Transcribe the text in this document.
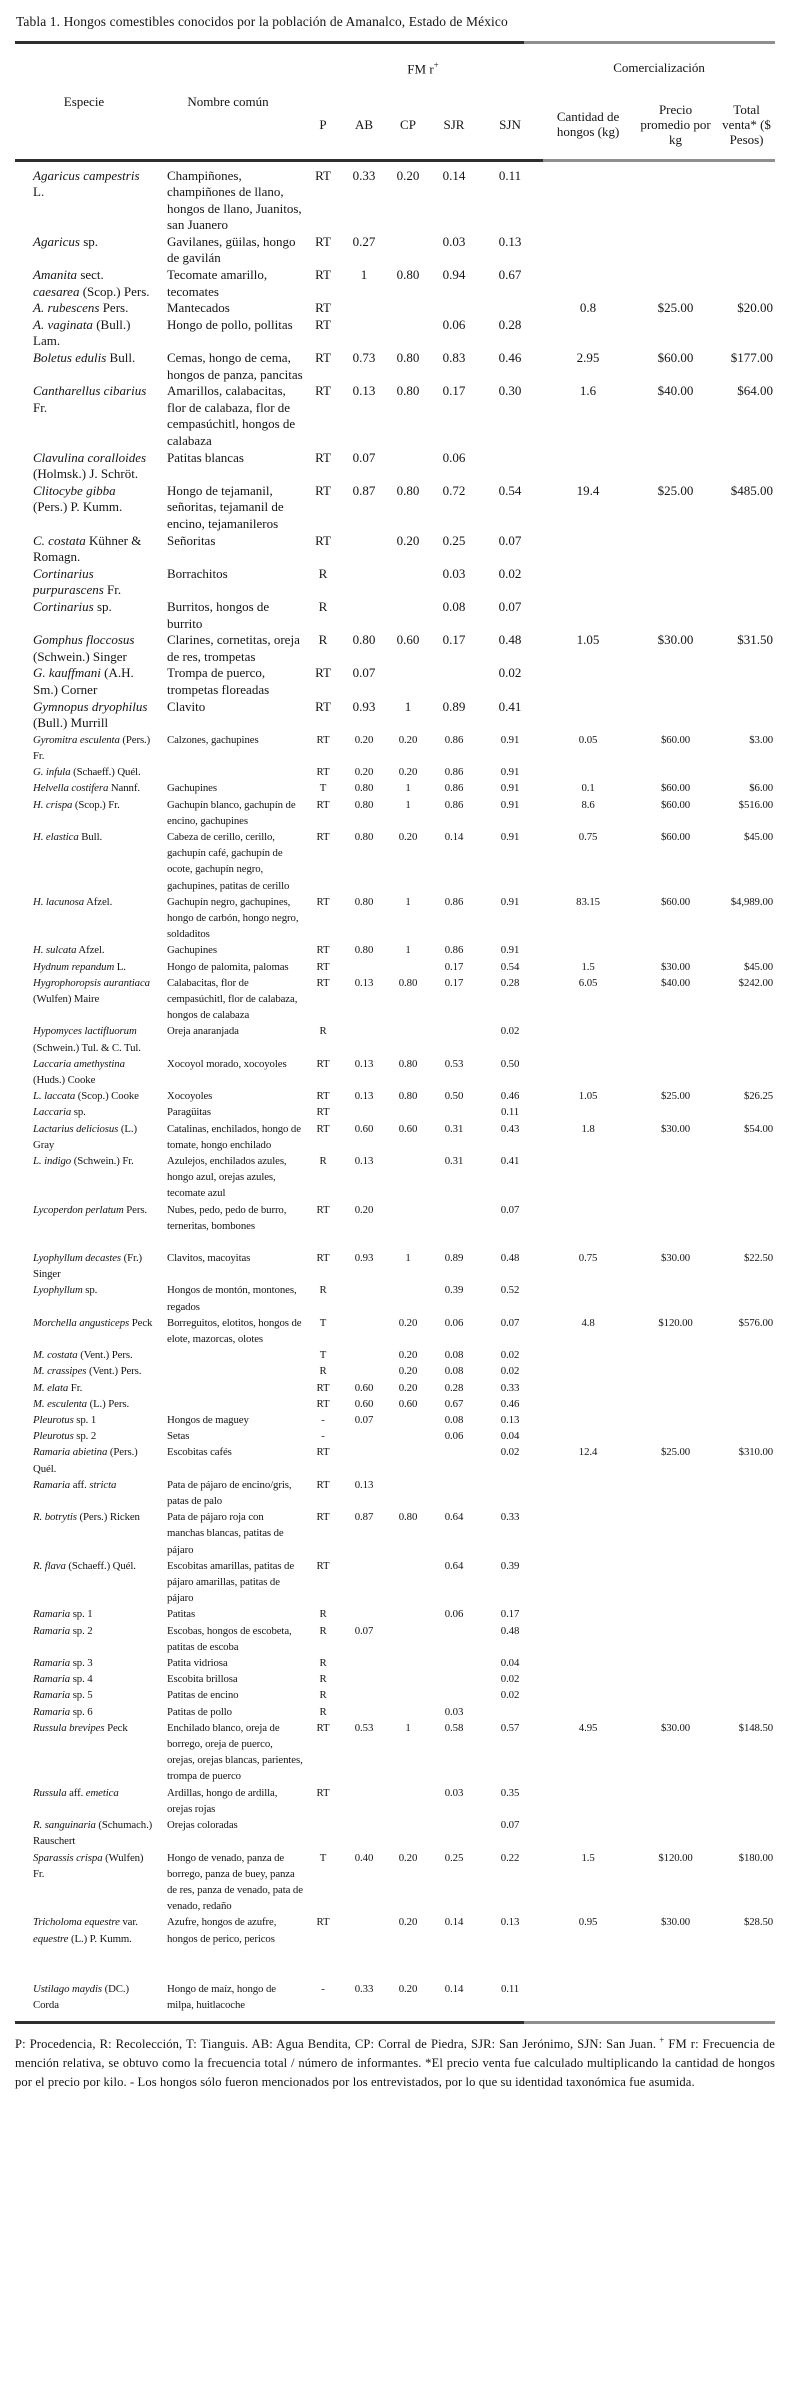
Tabla 1. Hongos comestibles conocidos por la población de Amanalco, Estado de México
Especie	Nombre común	FM r+					Comercialización		
		P	AB	CP	SJR	SJN	Cantidad de hongos (kg)	Precio promedio por kg	Total venta* ($ Pesos)
Agaricus campestris L.	Champiñones, champiñones de llano, hongos de llano, Juanitos, san Juanero	RT	0.33	0.20	0.14	0.11			
Agaricus sp.	Gavilanes, güilas, hongo de gavilán	RT	0.27		0.03	0.13			
Amanita sect. caesarea (Scop.) Pers.	Tecomate amarillo, tecomates	RT	1	0.80	0.94	0.67			
A. rubescens Pers.	Mantecados	RT					0.8	$25.00	$20.00
A. vaginata (Bull.) Lam.	Hongo de pollo, pollitas	RT			0.06	0.28			
Boletus edulis Bull.	Cemas, hongo de cema, hongos de panza, pancitas	RT	0.73	0.80	0.83	0.46	2.95	$60.00	$177.00
Cantharellus cibarius Fr.	Amarillos, calabacitas, flor de calabaza, flor de cempasúchitl, hongos de calabaza	RT	0.13	0.80	0.17	0.30	1.6	$40.00	$64.00
Clavulina coralloides (Holmsk.) J. Schröt.	Patitas blancas	RT	0.07		0.06				
Clitocybe gibba (Pers.) P. Kumm.	Hongo de tejamanil, señoritas, tejamanil de encino, tejamanileros	RT	0.87	0.80	0.72	0.54	19.4	$25.00	$485.00
C. costata Kühner & Romagn.	Señoritas	RT		0.20	0.25	0.07			
Cortinarius purpurascens Fr.	Borrachitos	R			0.03	0.02			
Cortinarius sp.	Burritos, hongos de burrito	R			0.08	0.07			
Gomphus floccosus (Schwein.) Singer	Clarines, cornetitas, oreja de res, trompetas	R	0.80	0.60	0.17	0.48	1.05	$30.00	$31.50
G. kauffmani (A.H. Sm.) Corner	Trompa de puerco, trompetas floreadas	RT	0.07			0.02			
Gymnopus dryophilus (Bull.) Murrill	Clavito	RT	0.93	1	0.89	0.41			
Gyromitra esculenta (Pers.) Fr.	Calzones, gachupines	RT	0.20	0.20	0.86	0.91	0.05	$60.00	$3.00
G. infula (Schaeff.) Quél.		RT	0.20	0.20	0.86	0.91			
Helvella costifera Nannf.	Gachupines	T	0.80	1	0.86	0.91	0.1	$60.00	$6.00
H. crispa (Scop.) Fr.	Gachupín blanco, gachupín de encino, gachupines	RT	0.80	1	0.86	0.91	8.6	$60.00	$516.00
H. elastica Bull.	Cabeza de cerillo, cerillo, gachupín café, gachupín de ocote, gachupín negro, gachupines, patitas de cerillo	RT	0.80	0.20	0.14	0.91	0.75	$60.00	$45.00
H. lacunosa Afzel.	Gachupín negro, gachupines, hongo de carbón, hongo negro, soldaditos	RT	0.80	1	0.86	0.91	83.15	$60.00	$4,989.00
H. sulcata Afzel.	Gachupines	RT	0.80	1	0.86	0.91			
Hydnum repandum L.	Hongo de palomita, palomas	RT			0.17	0.54	1.5	$30.00	$45.00
Hygrophoropsis aurantiaca (Wulfen) Maire	Calabacitas, flor de cempasúchitl, flor de calabaza, hongos de calabaza	RT	0.13	0.80	0.17	0.28	6.05	$40.00	$242.00
Hypomyces lactifluorum (Schwein.) Tul. & C. Tul.	Oreja anaranjada	R				0.02			
Laccaria amethystina (Huds.) Cooke	Xocoyol morado, xocoyoles	RT	0.13	0.80	0.53	0.50			
L. laccata (Scop.) Cooke	Xocoyoles	RT	0.13	0.80	0.50	0.46	1.05	$25.00	$26.25
Laccaria sp.	Paragüitas	RT				0.11			
Lactarius deliciosus (L.) Gray	Catalinas, enchilados, hongo de tomate, hongo enchilado	RT	0.60	0.60	0.31	0.43	1.8	$30.00	$54.00
L. indigo (Schwein.) Fr.	Azulejos, enchilados azules, hongo azul, orejas azules, tecomate azul	R	0.13		0.31	0.41			
Lycoperdon perlatum Pers.	Nubes, pedo, pedo de burro, terneritas, bombones	RT	0.20			0.07			
Lyophyllum decastes (Fr.) Singer	Clavitos, macoyitas	RT	0.93	1	0.89	0.48	0.75	$30.00	$22.50
Lyophyllum sp.	Hongos de montón, montones, regados	R			0.39	0.52			
Morchella angusticeps Peck	Borreguitos, elotitos, hongos de elote, mazorcas, olotes	T		0.20	0.06	0.07	4.8	$120.00	$576.00
M. costata (Vent.) Pers.		T		0.20	0.08	0.02			
M. crassipes (Vent.) Pers.		R		0.20	0.08	0.02			
M. elata Fr.		RT	0.60	0.20	0.28	0.33			
M. esculenta (L.) Pers.		RT	0.60	0.60	0.67	0.46			
Pleurotus sp. 1	Hongos de maguey	-	0.07		0.08	0.13			
Pleurotus sp. 2	Setas	-			0.06	0.04			
Ramaria abietina (Pers.) Quél.	Escobitas cafés	RT				0.02	12.4	$25.00	$310.00
Ramaria aff. stricta	Pata de pájaro de encino/gris, patas de palo	RT	0.13						
R. botrytis (Pers.) Ricken	Pata de pájaro roja con manchas blancas, patitas de pájaro	RT	0.87	0.80	0.64	0.33			
R. flava (Schaeff.) Quél.	Escobitas amarillas, patitas de pájaro amarillas, patitas de pájaro	RT			0.64	0.39			
Ramaria sp. 1	Patitas	R			0.06	0.17			
Ramaria sp. 2	Escobas, hongos de escobeta, patitas de escoba	R	0.07			0.48			
Ramaria sp. 3	Patita vidriosa	R				0.04			
Ramaria sp. 4	Escobita brillosa	R				0.02			
Ramaria sp. 5	Patitas de encino	R				0.02			
Ramaria sp. 6	Patitas de pollo	R			0.03				
Russula brevipes Peck	Enchilado blanco, oreja de borrego, oreja de puerco, orejas, orejas blancas, parientes, trompa de puerco	RT	0.53	1	0.58	0.57	4.95	$30.00	$148.50
Russula aff. emetica	Ardillas, hongo de ardilla, orejas rojas	RT			0.03	0.35			
R. sanguinaria (Schumach.) Rauschert	Orejas coloradas					0.07			
Sparassis crispa (Wulfen) Fr.	Hongo de venado, panza de borrego, panza de buey, panza de res, panza de venado, pata de venado, redaño	T	0.40	0.20	0.25	0.22	1.5	$120.00	$180.00
Tricholoma equestre var. equestre (L.) P. Kumm.	Azufre, hongos de azufre, hongos de perico, pericos	RT		0.20	0.14	0.13	0.95	$30.00	$28.50
Ustilago maydis (DC.) Corda	Hongo de maíz, hongo de milpa, huitlacoche	-	0.33	0.20	0.14	0.11			

P: Procedencia, R: Recolección, T: Tianguis. AB: Agua Bendita, CP: Corral de Piedra, SJR: San Jerónimo, SJN: San Juan. + FM r: Frecuencia de mención relativa, se obtuvo como la frecuencia total / número de informantes. *El precio venta fue calculado multiplicando la cantidad de hongos por el precio por kilo. - Los hongos sólo fueron mencionados por los entrevistados, por lo que su identidad taxonómica fue asumida.
